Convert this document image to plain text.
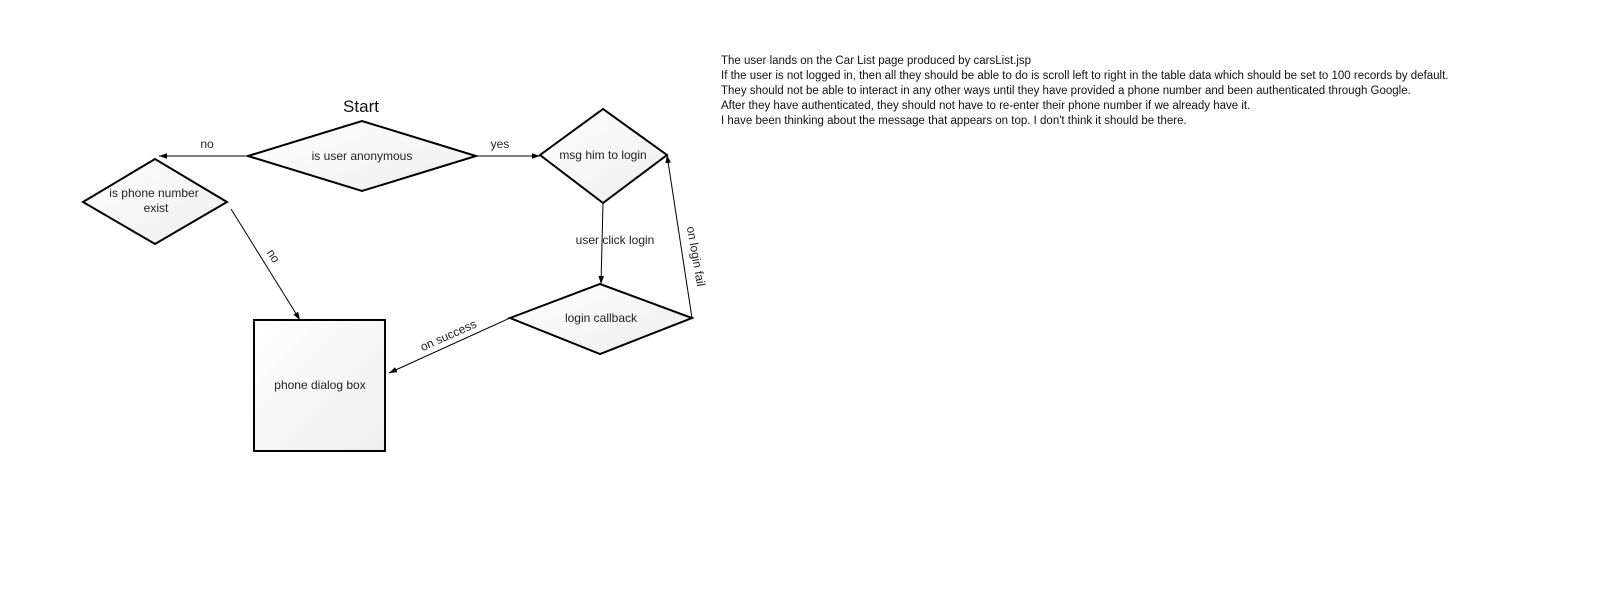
Start
is user anonymous	msg him to login
is phone number
exist
login callback
phone dialog box
no	yes
no
user click login on login fail
on success
The user lands on the Car List page produced by carsList.jsp
If the user is not logged in, then all they should be able to do is scroll left to right in the table data which should be set to 100 records by default.
They should not be able to interact in any other ways until they have provided a phone number and been authenticated through Google.
After they have authenticated, they should not have to re-enter their phone number if we already have it.
I have been thinking about the message that appears on top. I don't think it should be there.
